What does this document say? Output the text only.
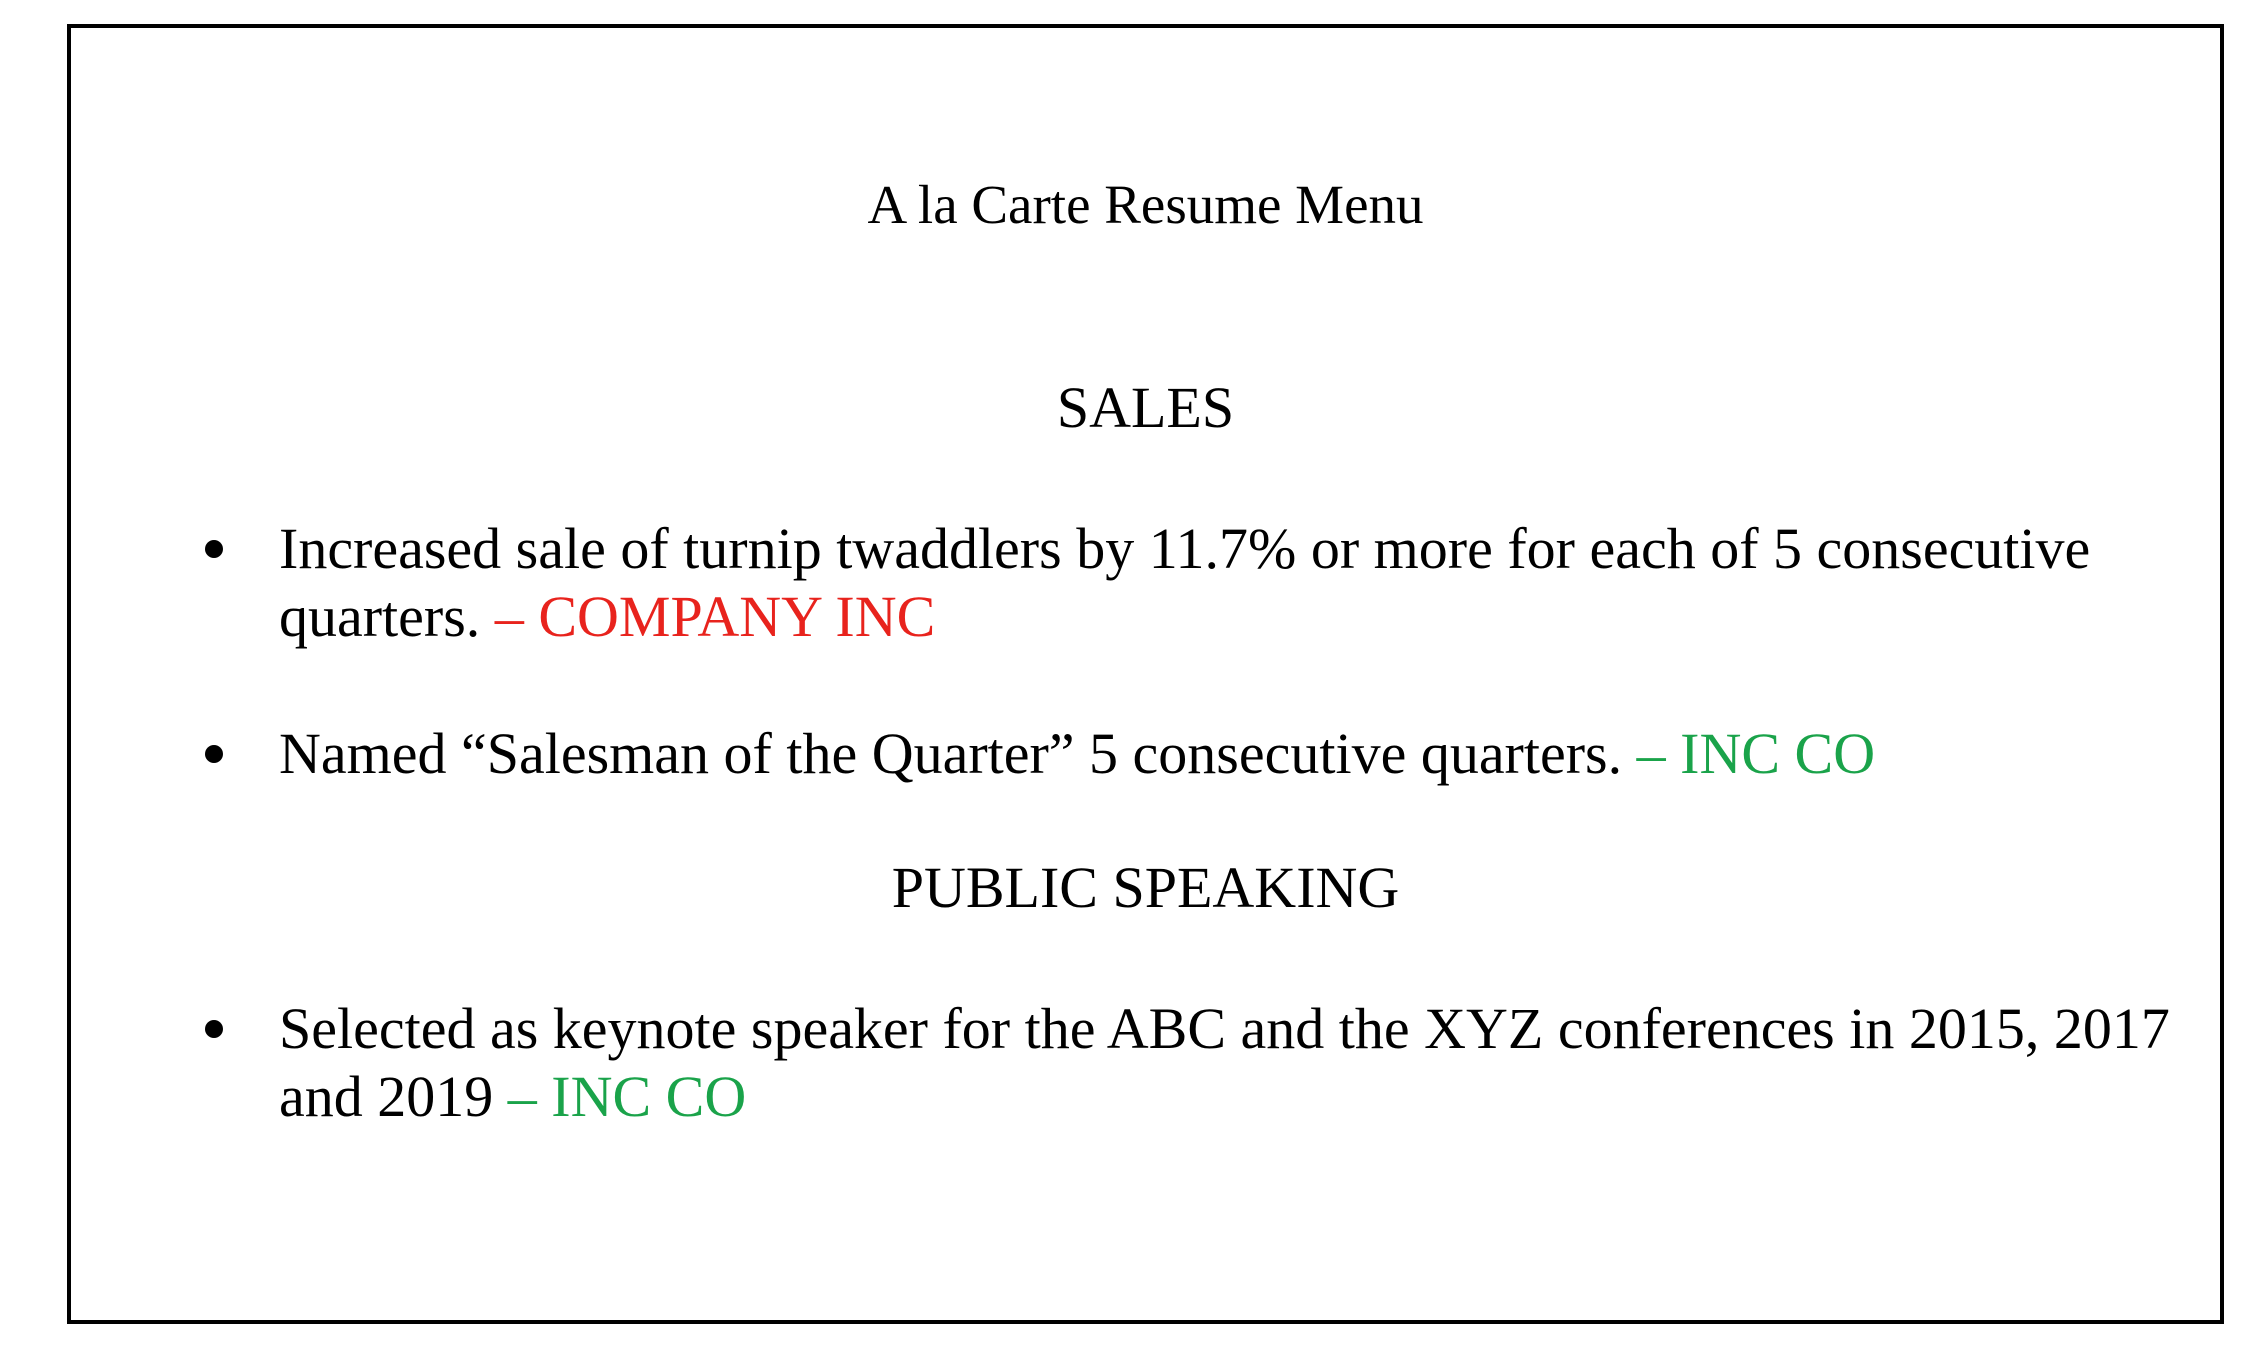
A la Carte Resume Menu
SALES

Increased sale of turnip twaddlers by 11.7% or more for each of 5 consecutive quarters. – COMPANY INC

Named “Salesman of the Quarter” 5 consecutive quarters. – INC CO

PUBLIC SPEAKING

Selected as keynote speaker for the ABC and the XYZ conferences in 2015, 2017 and 2019 – INC CO
